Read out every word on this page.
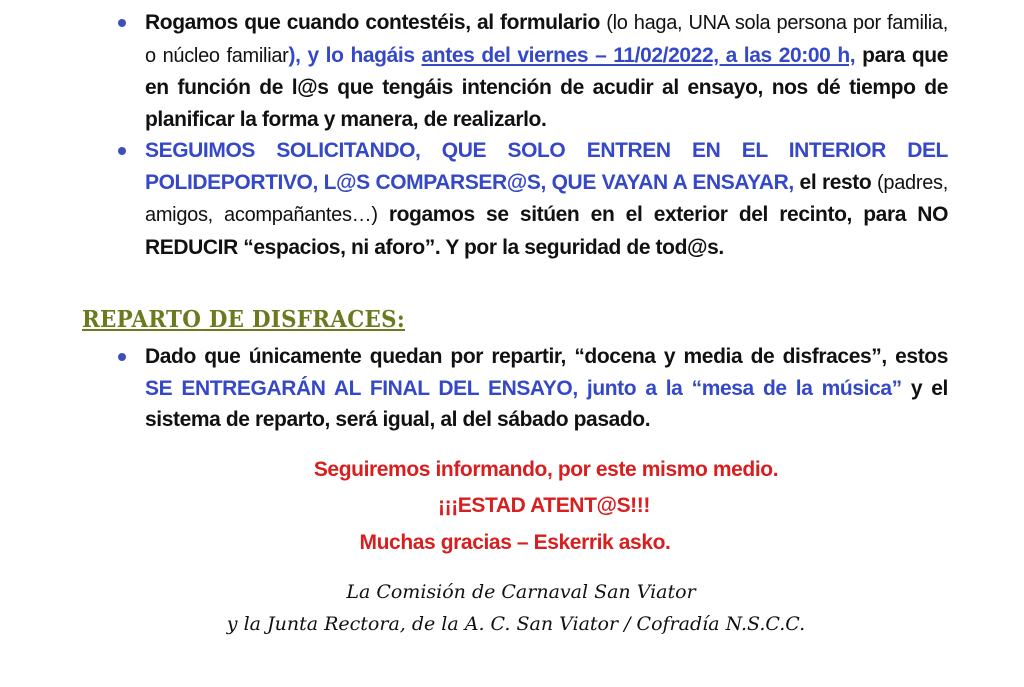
Rogamos que cuando contestéis, al formulario (lo haga, UNA sola persona por familia, o núcleo familiar), y lo hagáis antes del viernes – 11/02/2022, a las 20:00 h, para que en función de l@s que tengáis intención de acudir al ensayo, nos dé tiempo de planificar la forma y manera, de realizarlo.
SEGUIMOS SOLICITANDO, QUE SOLO ENTREN EN EL INTERIOR DEL POLIDEPORTIVO, L@S COMPARSER@S, QUE VAYAN A ENSAYAR, el resto (padres, amigos, acompañantes…) rogamos se sitúen en el exterior del recinto, para NO REDUCIR “espacios, ni aforo”. Y por la seguridad de tod@s.
REPARTO DE DISFRACES:
Dado que únicamente quedan por repartir, “docena y media de disfraces”, estos SE ENTREGARÁN AL FINAL DEL ENSAYO, junto a la “mesa de la música” y el sistema de reparto, será igual, al del sábado pasado.
Seguiremos informando, por este mismo medio.
¡¡¡ESTAD ATENT@S!!!
Muchas gracias – Eskerrik asko.
La Comisión de Carnaval San Viator
y la Junta Rectora, de la A. C. San Viator / Cofradía N.S.C.C.
